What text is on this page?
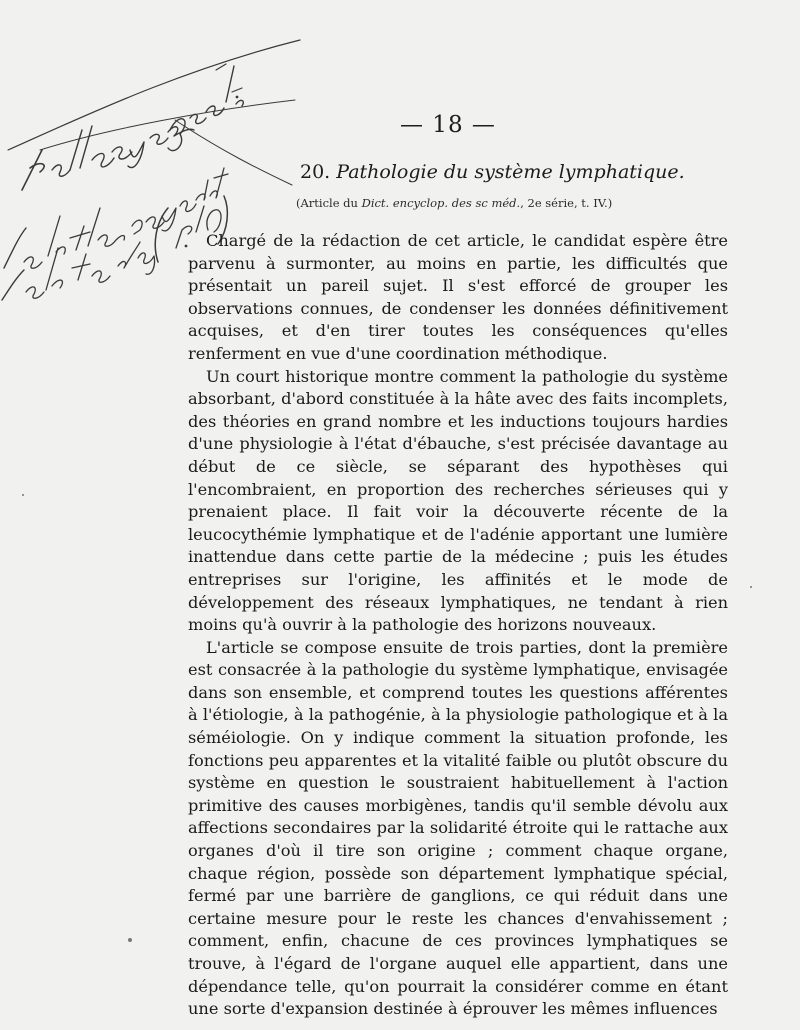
— 18 —
20. Pathologie du système lymphatique.
(Article du Dict. encyclop. des sc méd., 2e série, t. IV.)

Chargé de la rédaction de cet article, le candidat espère être parvenu à surmonter, au moins en partie, les difficultés que présentait un pareil sujet. Il s'est efforcé de grouper les observations connues, de condenser les données définitivement acquises, et d'en tirer toutes les conséquences qu'elles renferment en vue d'une coordination méthodique.

Un court historique montre comment la pathologie du système absorbant, d'abord constituée à la hâte avec des faits incomplets, des théories en grand nombre et les inductions toujours hardies d'une physiologie à l'état d'ébauche, s'est précisée davantage au début de ce siècle, se séparant des hypothèses qui l'encombraient, en proportion des recherches sérieuses qui y prenaient place. Il fait voir la découverte récente de la leucocythémie lymphatique et de l'adénie apportant une lumière inattendue dans cette partie de la médecine ; puis les études entreprises sur l'origine, les affinités et le mode de développement des réseaux lymphatiques, ne tendant à rien moins qu'à ouvrir à la pathologie des horizons nouveaux.

L'article se compose ensuite de trois parties, dont la première est consacrée à la pathologie du système lymphatique, envisagée dans son ensemble, et comprend toutes les questions afférentes à l'étiologie, à la pathogénie, à la physiologie pathologique et à la séméiologie. On y indique comment la situation profonde, les fonctions peu apparentes et la vitalité faible ou plutôt obscure du système en question le soustraient habituellement à l'action primitive des causes morbigènes, tandis qu'il semble dévolu aux affections secondaires par la solidarité étroite qui le rattache aux organes d'où il tire son origine ; comment chaque organe, chaque région, possède son département lymphatique spécial, fermé par une barrière de ganglions, ce qui réduit dans une certaine mesure pour le reste les chances d'envahissement ; comment, enfin, chacune de ces provinces lymphatiques se trouve, à l'égard de l'organe auquel elle appartient, dans une dépendance telle, qu'on pourrait la considérer comme en étant une sorte d'expansion destinée à éprouver les mêmes influences
